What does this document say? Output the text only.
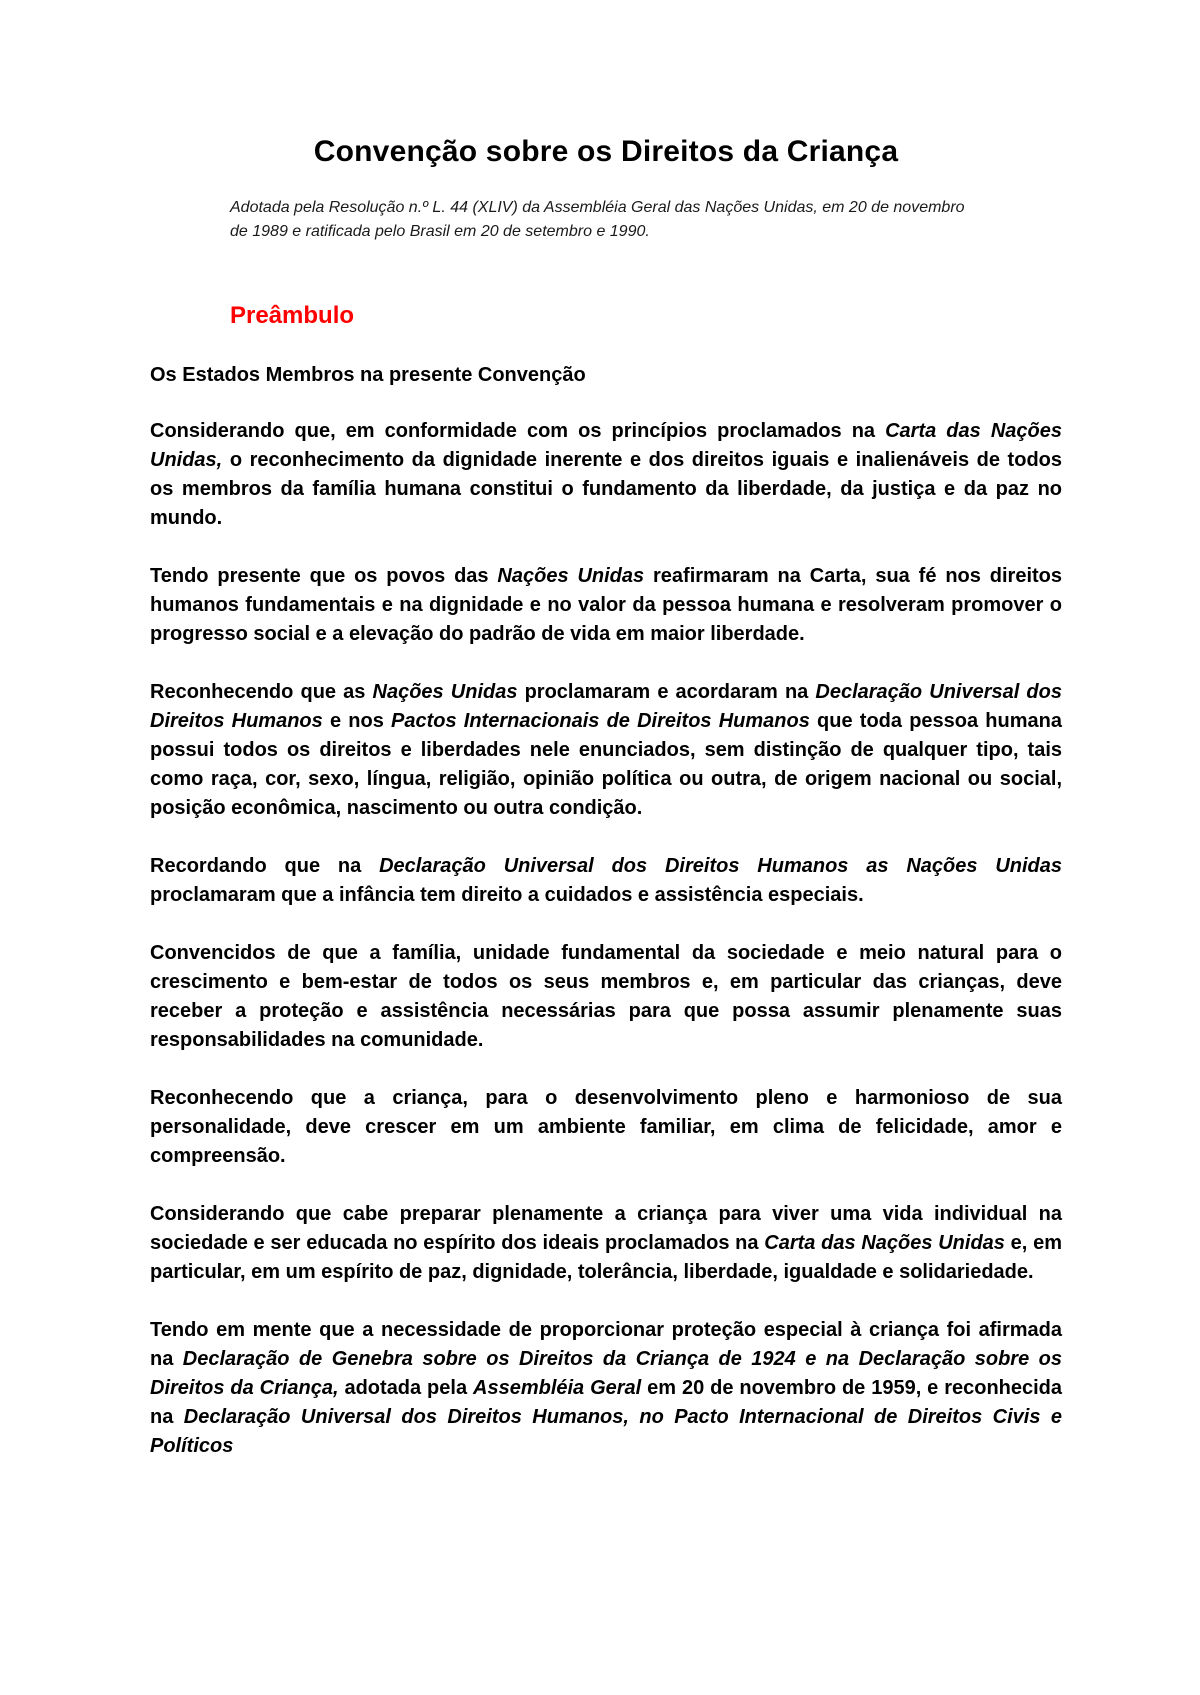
Convenção sobre os Direitos da Criança

Adotada pela Resolução n.º L. 44 (XLIV) da Assembléia Geral das Nações Unidas, em 20 de novembro de 1989 e ratificada pelo Brasil em 20 de setembro e 1990.

Preâmbulo

Os Estados Membros na presente Convenção

Considerando que, em conformidade com os princípios proclamados na Carta das Nações Unidas, o reconhecimento da dignidade inerente e dos direitos iguais e inalienáveis de todos os membros da família humana constitui o fundamento da liberdade, da justiça e da paz no mundo.

Tendo presente que os povos das Nações Unidas reafirmaram na Carta, sua fé nos direitos humanos fundamentais e na dignidade e no valor da pessoa humana e resolveram promover o progresso social e a elevação do padrão de vida em maior liberdade.

Reconhecendo que as Nações Unidas proclamaram e acordaram na Declaração Universal dos Direitos Humanos e nos Pactos Internacionais de Direitos Humanos que toda pessoa humana possui todos os direitos e liberdades nele enunciados, sem distinção de qualquer tipo, tais como raça, cor, sexo, língua, religião, opinião política ou outra, de origem nacional ou social, posição econômica, nascimento ou outra condição.

Recordando que na Declaração Universal dos Direitos Humanos as Nações Unidas proclamaram que a infância tem direito a cuidados e assistência especiais.

Convencidos de que a família, unidade fundamental da sociedade e meio natural para o crescimento e bem-estar de todos os seus membros e, em particular das crianças, deve receber a proteção e assistência necessárias para que possa assumir plenamente suas responsabilidades na comunidade.

Reconhecendo que a criança, para o desenvolvimento pleno e harmonioso de sua personalidade, deve crescer em um ambiente familiar, em clima de felicidade, amor e compreensão.

Considerando que cabe preparar plenamente a criança para viver uma vida individual na sociedade e ser educada no espírito dos ideais proclamados na Carta das Nações Unidas e, em particular, em um espírito de paz, dignidade, tolerância, liberdade, igualdade e solidariedade.

Tendo em mente que a necessidade de proporcionar proteção especial à criança foi afirmada na Declaração de Genebra sobre os Direitos da Criança de 1924 e na Declaração sobre os Direitos da Criança, adotada pela Assembléia Geral em 20 de novembro de 1959, e reconhecida na Declaração Universal dos Direitos Humanos, no Pacto Internacional de Direitos Civis e Políticos
